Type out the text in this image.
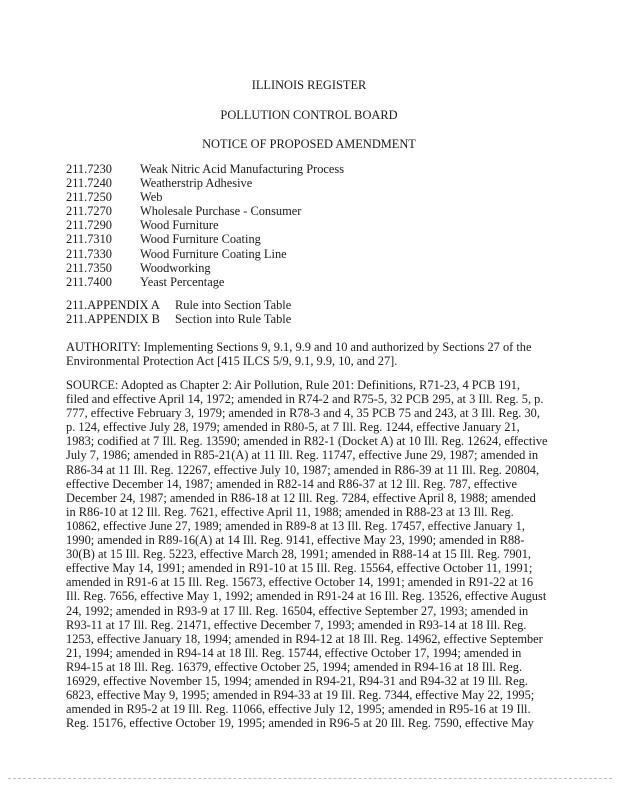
ILLINOIS REGISTER
POLLUTION CONTROL BOARD
NOTICE OF PROPOSED AMENDMENT
211.7230	Weak Nitric Acid Manufacturing Process
211.7240	Weatherstrip Adhesive
211.7250	Web
211.7270	Wholesale Purchase - Consumer
211.7290	Wood Furniture
211.7310	Wood Furniture Coating
211.7330	Wood Furniture Coating Line
211.7350	Woodworking
211.7400	Yeast Percentage
211.APPENDIX A	Rule into Section Table
211.APPENDIX B	Section into Rule Table

AUTHORITY: Implementing Sections 9, 9.1, 9.9 and 10 and authorized by Sections 27 of the
Environmental Protection Act [415 ILCS 5/9, 9.1, 9.9, 10, and 27].

SOURCE: Adopted as Chapter 2: Air Pollution, Rule 201: Definitions, R71-23, 4 PCB 191,
filed and effective April 14, 1972; amended in R74-2 and R75-5, 32 PCB 295, at 3 Ill. Reg. 5, p.
777, effective February 3, 1979; amended in R78-3 and 4, 35 PCB 75 and 243, at 3 Ill. Reg. 30,
p. 124, effective July 28, 1979; amended in R80-5, at 7 Ill. Reg. 1244, effective January 21,
1983; codified at 7 Ill. Reg. 13590; amended in R82-1 (Docket A) at 10 Ill. Reg. 12624, effective
July 7, 1986; amended in R85-21(A) at 11 Ill. Reg. 11747, effective June 29, 1987; amended in
R86-34 at 11 Ill. Reg. 12267, effective July 10, 1987; amended in R86-39 at 11 Ill. Reg. 20804,
effective December 14, 1987; amended in R82-14 and R86-37 at 12 Ill. Reg. 787, effective
December 24, 1987; amended in R86-18 at 12 Ill. Reg. 7284, effective April 8, 1988; amended
in R86-10 at 12 Ill. Reg. 7621, effective April 11, 1988; amended in R88-23 at 13 Ill. Reg.
10862, effective June 27, 1989; amended in R89-8 at 13 Ill. Reg. 17457, effective January 1,
1990; amended in R89-16(A) at 14 Ill. Reg. 9141, effective May 23, 1990; amended in R88-
30(B) at 15 Ill. Reg. 5223, effective March 28, 1991; amended in R88-14 at 15 Ill. Reg. 7901,
effective May 14, 1991; amended in R91-10 at 15 Ill. Reg. 15564, effective October 11, 1991;
amended in R91-6 at 15 Ill. Reg. 15673, effective October 14, 1991; amended in R91-22 at 16
Ill. Reg. 7656, effective May 1, 1992; amended in R91-24 at 16 Ill. Reg. 13526, effective August
24, 1992; amended in R93-9 at 17 Ill. Reg. 16504, effective September 27, 1993; amended in
R93-11 at 17 Ill. Reg. 21471, effective December 7, 1993; amended in R93-14 at 18 Ill. Reg.
1253, effective January 18, 1994; amended in R94-12 at 18 Ill. Reg. 14962, effective September
21, 1994; amended in R94-14 at 18 Ill. Reg. 15744, effective October 17, 1994; amended in
R94-15 at 18 Ill. Reg. 16379, effective October 25, 1994; amended in R94-16 at 18 Ill. Reg.
16929, effective November 15, 1994; amended in R94-21, R94-31 and R94-32 at 19 Ill. Reg.
6823, effective May 9, 1995; amended in R94-33 at 19 Ill. Reg. 7344, effective May 22, 1995;
amended in R95-2 at 19 Ill. Reg. 11066, effective July 12, 1995; amended in R95-16 at 19 Ill.
Reg. 15176, effective October 19, 1995; amended in R96-5 at 20 Ill. Reg. 7590, effective May
